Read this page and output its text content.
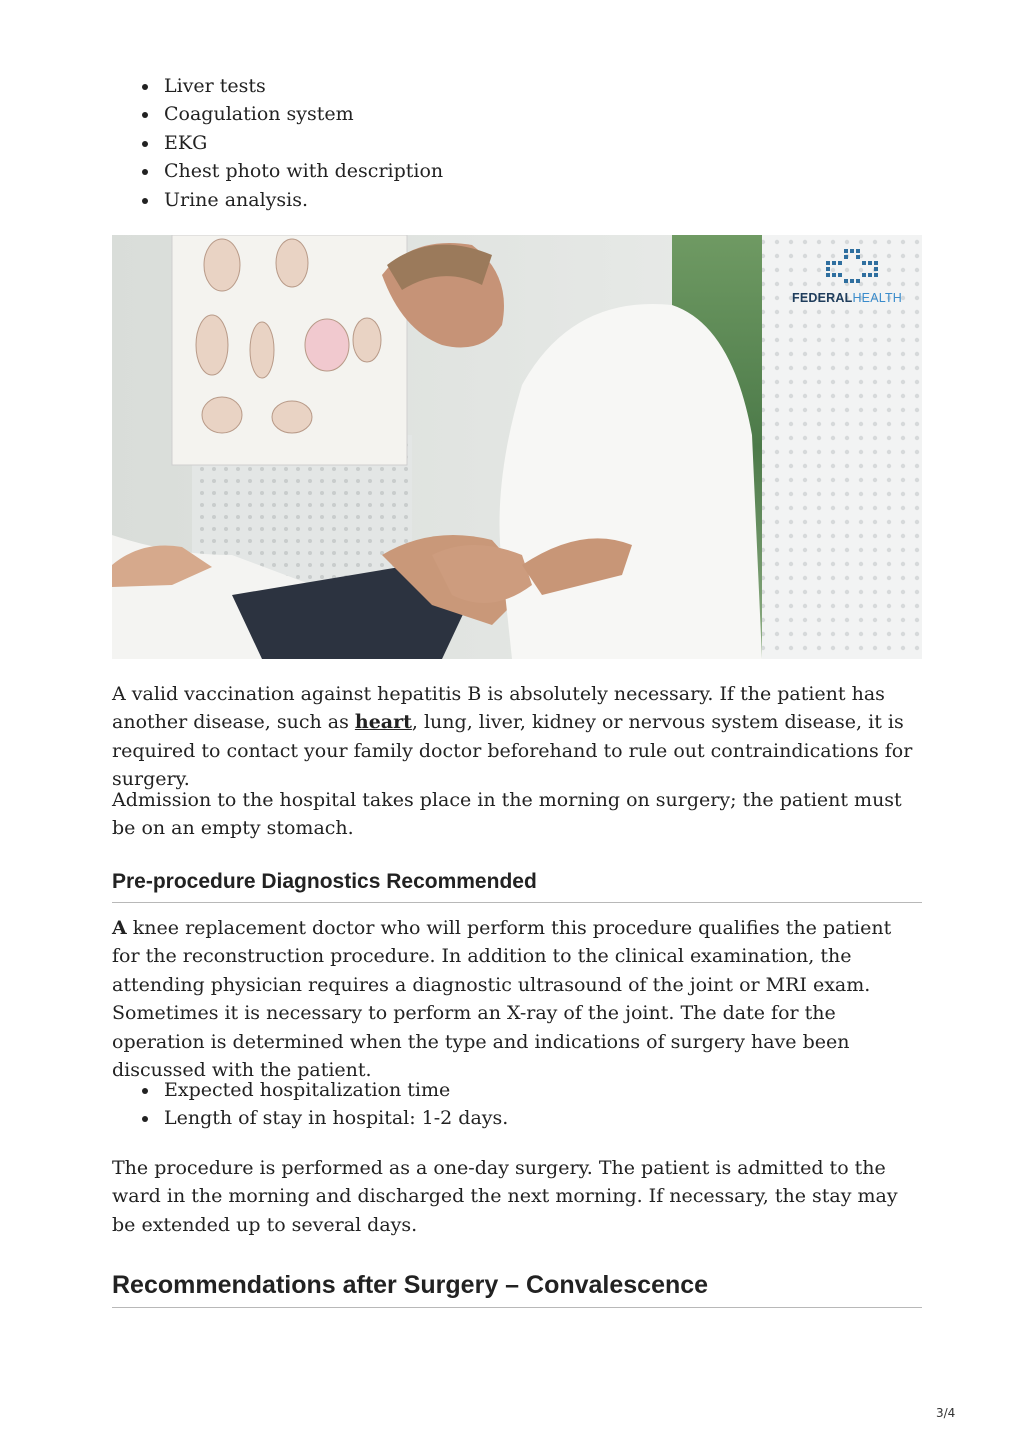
Liver tests
Coagulation system
EKG
Chest photo with description
Urine analysis.
FEDERALHEALTH

A valid vaccination against hepatitis B is absolutely necessary. If the patient has another disease, such as heart, lung, liver, kidney or nervous system disease, it is required to contact your family doctor beforehand to rule out contraindications for surgery.

Admission to the hospital takes place in the morning on surgery; the patient must be on an empty stomach.

Pre-procedure Diagnostics Recommended

A knee replacement doctor who will perform this procedure qualifies the patient for the reconstruction procedure. In addition to the clinical examination, the attending physician requires a diagnostic ultrasound of the joint or MRI exam. Sometimes it is necessary to perform an X-ray of the joint. The date for the operation is determined when the type and indications of surgery have been discussed with the patient.

Expected hospitalization time
Length of stay in hospital: 1-2 days.

The procedure is performed as a one-day surgery. The patient is admitted to the ward in the morning and discharged the next morning. If necessary, the stay may be extended up to several days.

Recommendations after Surgery – Convalescence
3/4
